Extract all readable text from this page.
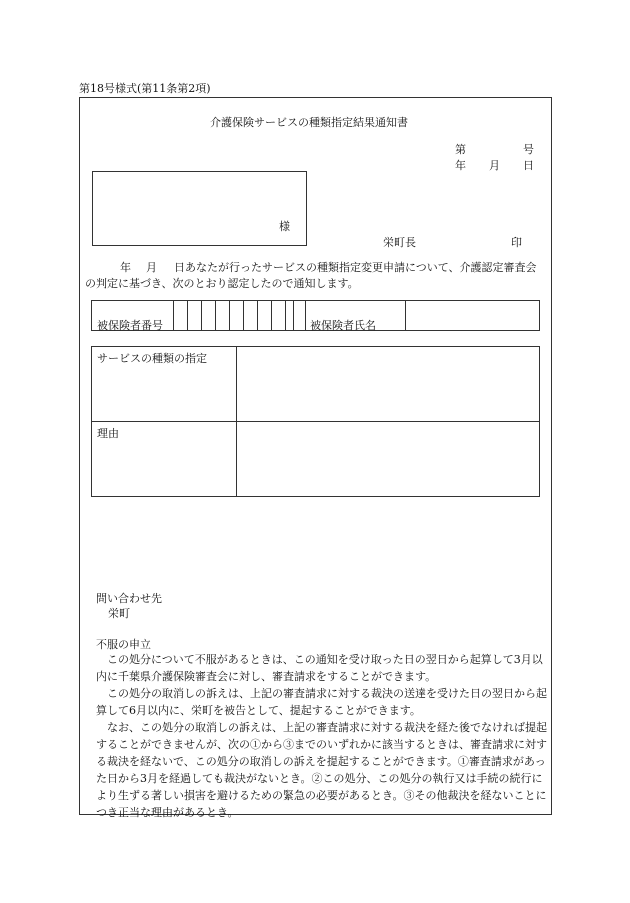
第18号様式(第11条第2項)
介護保険サービスの種類指定結果通知書
第	号
年 月 日
様
栄町長	印
年 月 日あなたが行ったサービスの種類指定変更申請について、介護認定審査会
の判定に基づき、次のとおり認定したので通知します。
被保険者番号	被保険者氏名
サービスの種類の指定
理由
問い合わせ先
栄町
不服の申立
この処分について不服があるときは、この通知を受け取った日の翌日から起算して3月以内に千葉県介護保険審査会に対し、審査請求をすることができます。
この処分の取消しの訴えは、上記の審査請求に対する裁決の送達を受けた日の翌日から起算して6月以内に、栄町を被告として、提起することができます。
なお、この処分の取消しの訴えは、上記の審査請求に対する裁決を経た後でなければ提起することができませんが、次の①から③までのいずれかに該当するときは、審査請求に対する裁決を経ないで、この処分の取消しの訴えを提起することができます。①審査請求があった日から3月を経過しても裁決がないとき。②この処分、この処分の執行又は手続の続行により生ずる著しい損害を避けるための緊急の必要があるとき。③その他裁決を経ないことにつき正当な理由があるとき。
